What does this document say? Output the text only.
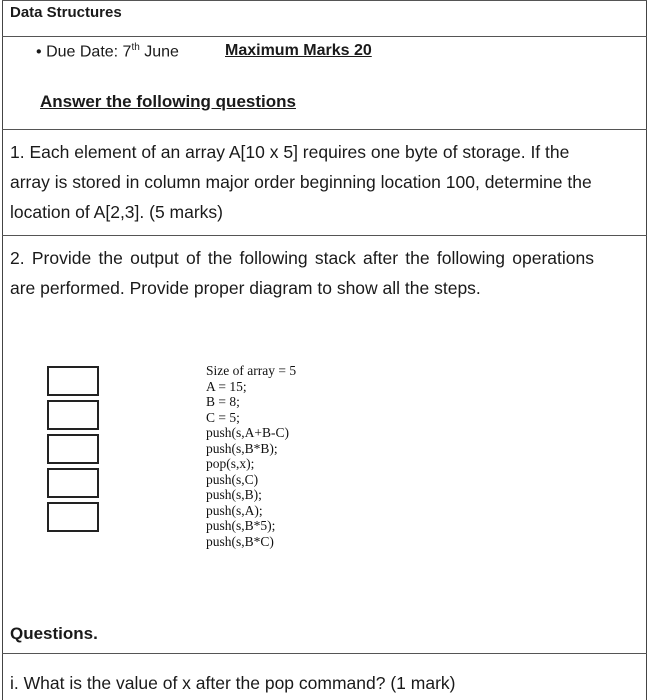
Data Structures
• Due Date: 7th June	Maximum Marks 20
Answer the following questions
1. Each element of an array A[10 x 5] requires one byte of storage. If the array is stored in column major order beginning location 100, determine the location of A[2,3]. (5 marks)
2. Provide the output of the following stack after the following operations are performed. Provide proper diagram to show all the steps.
Size of array = 5
A = 15;
B = 8;
C = 5;
push(s,A+B-C)
push(s,B*B);
pop(s,x);
push(s,C)
push(s,B);
push(s,A);
push(s,B*5);
push(s,B*C)
Questions.
i. What is the value of x after the pop command? (1 mark)
